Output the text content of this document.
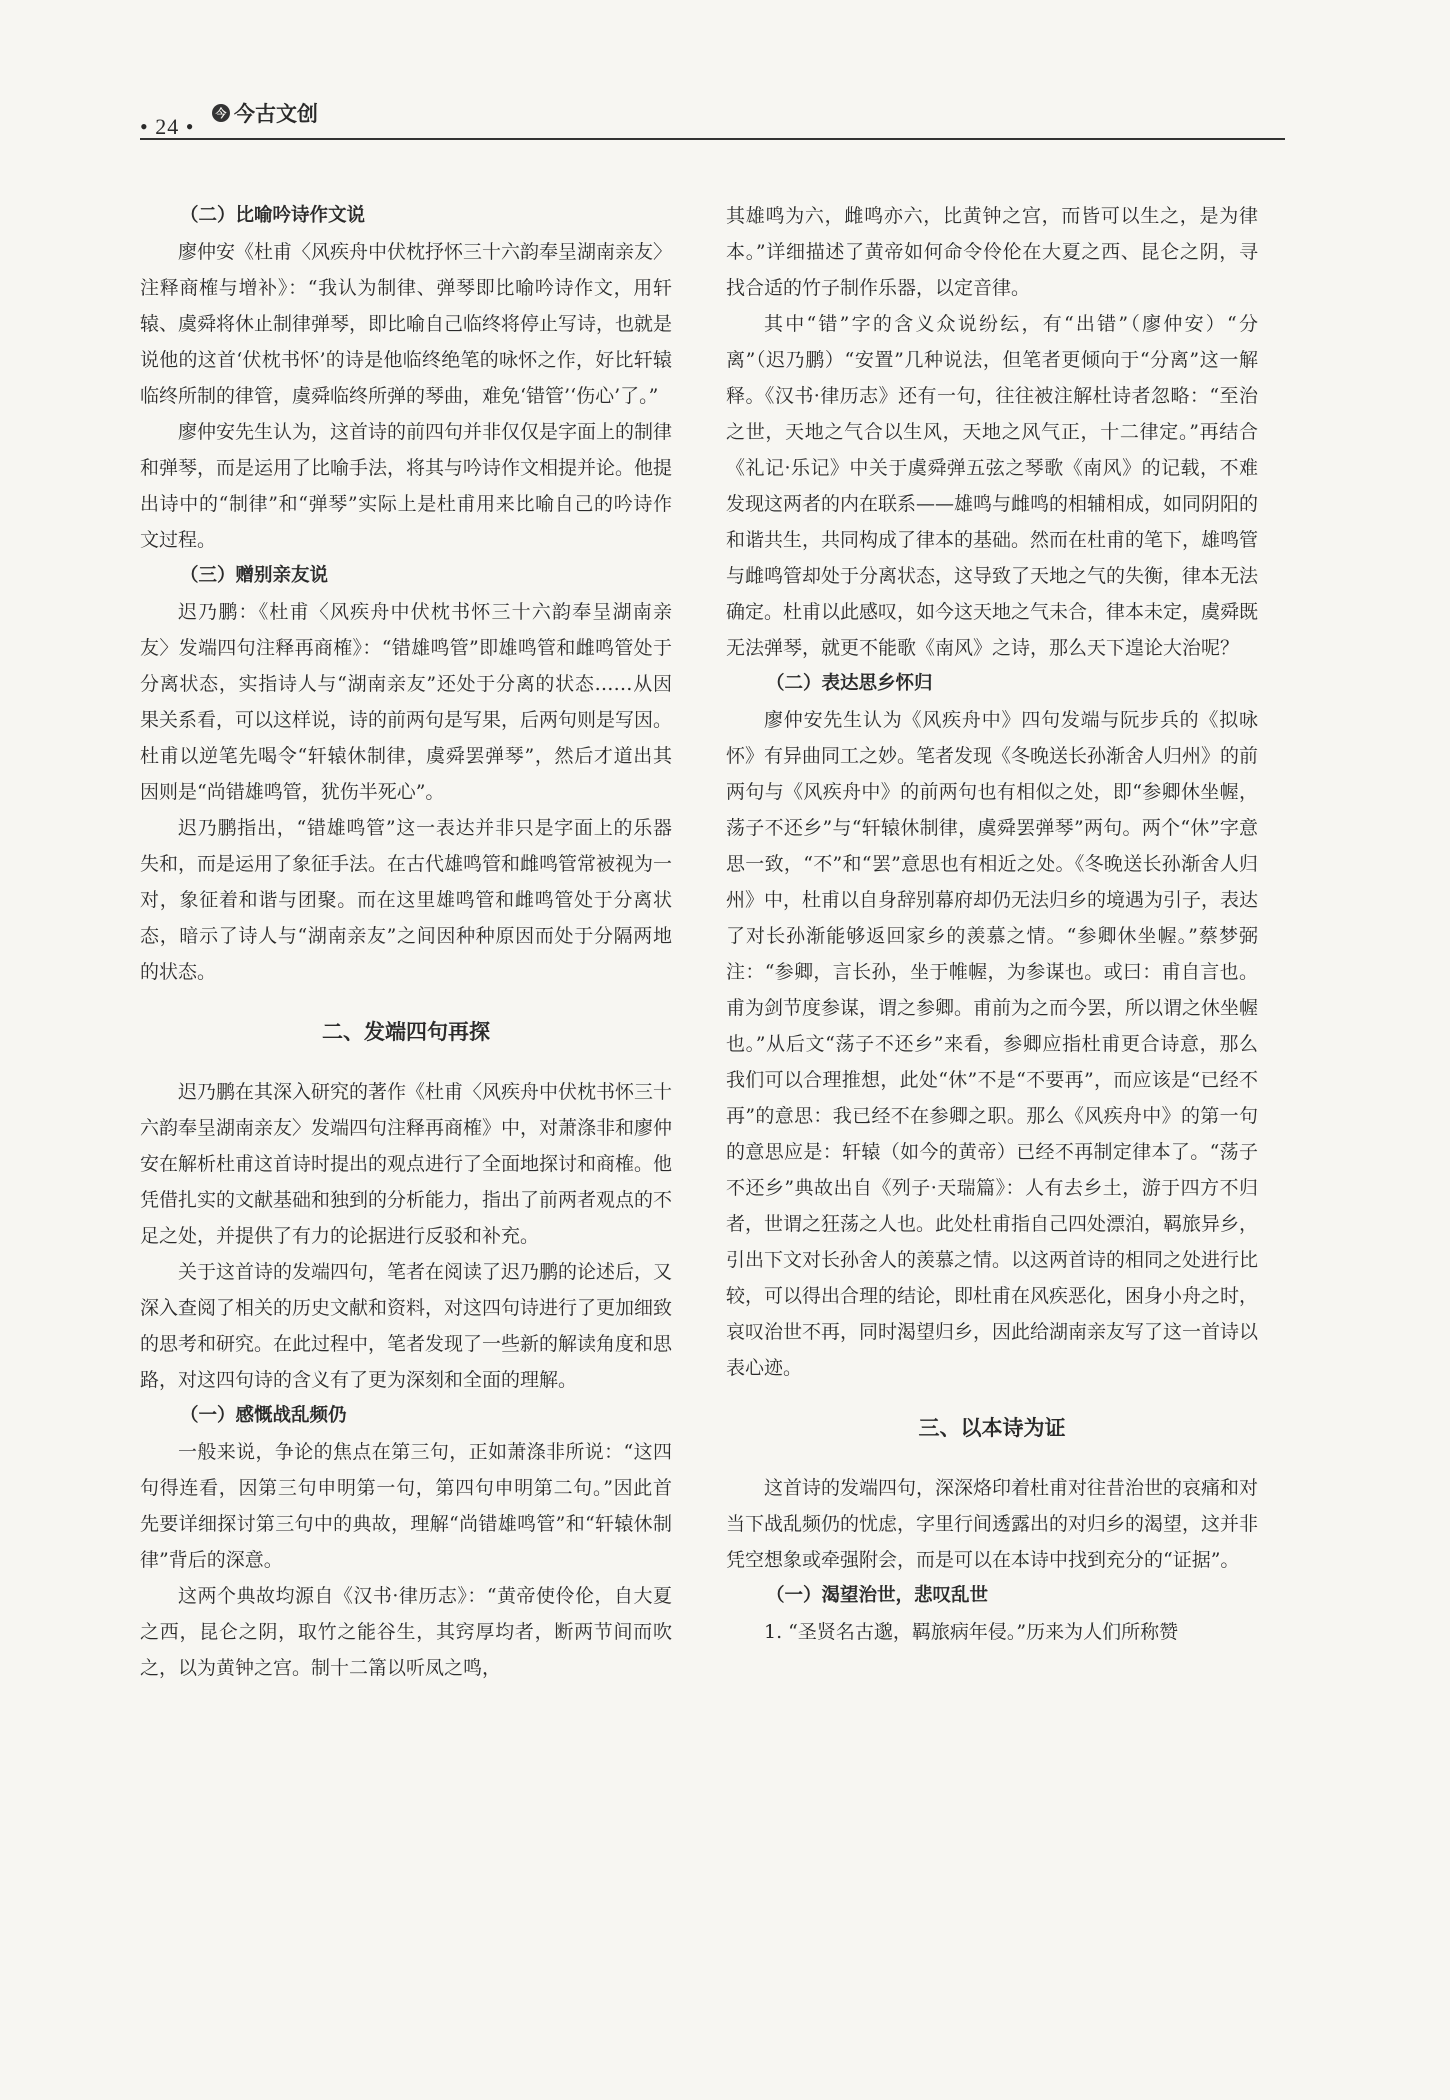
• 24 •
今 今古文创
（二）比喻吟诗作文说

廖仲安《杜甫〈风疾舟中伏枕抒怀三十六韵奉呈湖南亲友〉注释商榷与增补》：“我认为制律、弹琴即比喻吟诗作文，用轩辕、虞舜将休止制律弹琴，即比喻自己临终将停止写诗，也就是说他的这首‘伏枕书怀’的诗是他临终绝笔的咏怀之作，好比轩辕临终所制的律管，虞舜临终所弹的琴曲，难免‘错管’‘伤心’了。”

廖仲安先生认为，这首诗的前四句并非仅仅是字面上的制律和弹琴，而是运用了比喻手法，将其与吟诗作文相提并论。他提出诗中的“制律”和“弹琴”实际上是杜甫用来比喻自己的吟诗作文过程。

（三）赠别亲友说

迟乃鹏：《杜甫〈风疾舟中伏枕书怀三十六韵奉呈湖南亲友〉发端四句注释再商榷》：“错雄鸣管”即雄鸣管和雌鸣管处于分离状态，实指诗人与“湖南亲友”还处于分离的状态……从因果关系看，可以这样说，诗的前两句是写果，后两句则是写因。杜甫以逆笔先喝令“轩辕休制律，虞舜罢弹琴”，然后才道出其因则是“尚错雄鸣管，犹伤半死心”。

迟乃鹏指出，“错雄鸣管”这一表达并非只是字面上的乐器失和，而是运用了象征手法。在古代雄鸣管和雌鸣管常被视为一对，象征着和谐与团聚。而在这里雄鸣管和雌鸣管处于分离状态，暗示了诗人与“湖南亲友”之间因种种原因而处于分隔两地的状态。

二、发端四句再探

迟乃鹏在其深入研究的著作《杜甫〈风疾舟中伏枕书怀三十六韵奉呈湖南亲友〉发端四句注释再商榷》中，对萧涤非和廖仲安在解析杜甫这首诗时提出的观点进行了全面地探讨和商榷。他凭借扎实的文献基础和独到的分析能力，指出了前两者观点的不足之处，并提供了有力的论据进行反驳和补充。

关于这首诗的发端四句，笔者在阅读了迟乃鹏的论述后，又深入查阅了相关的历史文献和资料，对这四句诗进行了更加细致的思考和研究。在此过程中，笔者发现了一些新的解读角度和思路，对这四句诗的含义有了更为深刻和全面的理解。

（一）感慨战乱频仍

一般来说，争论的焦点在第三句，正如萧涤非所说：“这四句得连看，因第三句申明第一句，第四句申明第二句。”因此首先要详细探讨第三句中的典故，理解“尚错雄鸣管”和“轩辕休制律”背后的深意。

这两个典故均源自《汉书·律历志》：“黄帝使伶伦，自大夏之西，昆仑之阴，取竹之能谷生，其窍厚均者，断两节间而吹之，以为黄钟之宫。制十二筩以听凤之鸣，

其雄鸣为六，雌鸣亦六，比黄钟之宫，而皆可以生之，是为律本。”详细描述了黄帝如何命令伶伦在大夏之西、昆仑之阴，寻找合适的竹子制作乐器，以定音律。

其中“错”字的含义众说纷纭，有“出错”（廖仲安）“分离”（迟乃鹏）“安置”几种说法，但笔者更倾向于“分离”这一解释。《汉书·律历志》还有一句，往往被注解杜诗者忽略：“至治之世，天地之气合以生风，天地之风气正，十二律定。”再结合《礼记·乐记》中关于虞舜弹五弦之琴歌《南风》的记载，不难发现这两者的内在联系——雄鸣与雌鸣的相辅相成，如同阴阳的和谐共生，共同构成了律本的基础。然而在杜甫的笔下，雄鸣管与雌鸣管却处于分离状态，这导致了天地之气的失衡，律本无法确定。杜甫以此感叹，如今这天地之气未合，律本未定，虞舜既无法弹琴，就更不能歌《南风》之诗，那么天下遑论大治呢？

（二）表达思乡怀归

廖仲安先生认为《风疾舟中》四句发端与阮步兵的《拟咏怀》有异曲同工之妙。笔者发现《冬晚送长孙渐舍人归州》的前两句与《风疾舟中》的前两句也有相似之处，即“参卿休坐幄，荡子不还乡”与“轩辕休制律，虞舜罢弹琴”两句。两个“休”字意思一致，“不”和“罢”意思也有相近之处。《冬晚送长孙渐舍人归州》中，杜甫以自身辞别幕府却仍无法归乡的境遇为引子，表达了对长孙渐能够返回家乡的羡慕之情。“参卿休坐幄。”蔡梦弼注：“参卿，言长孙，坐于帷幄，为参谋也。或曰：甫自言也。甫为剑节度参谋，谓之参卿。甫前为之而今罢，所以谓之休坐幄也。”从后文“荡子不还乡”来看，参卿应指杜甫更合诗意，那么我们可以合理推想，此处“休”不是“不要再”，而应该是“已经不再”的意思：我已经不在参卿之职。那么《风疾舟中》的第一句的意思应是：轩辕（如今的黄帝）已经不再制定律本了。“荡子不还乡”典故出自《列子·天瑞篇》：人有去乡土，游于四方不归者，世谓之狂荡之人也。此处杜甫指自己四处漂泊，羁旅异乡，引出下文对长孙舍人的羡慕之情。以这两首诗的相同之处进行比较，可以得出合理的结论，即杜甫在风疾恶化，困身小舟之时，哀叹治世不再，同时渴望归乡，因此给湖南亲友写了这一首诗以表心迹。

三、以本诗为证

这首诗的发端四句，深深烙印着杜甫对往昔治世的哀痛和对当下战乱频仍的忧虑，字里行间透露出的对归乡的渴望，这并非凭空想象或牵强附会，而是可以在本诗中找到充分的“证据”。

（一）渴望治世，悲叹乱世

1. “圣贤名古邈，羁旅病年侵。”历来为人们所称赞
